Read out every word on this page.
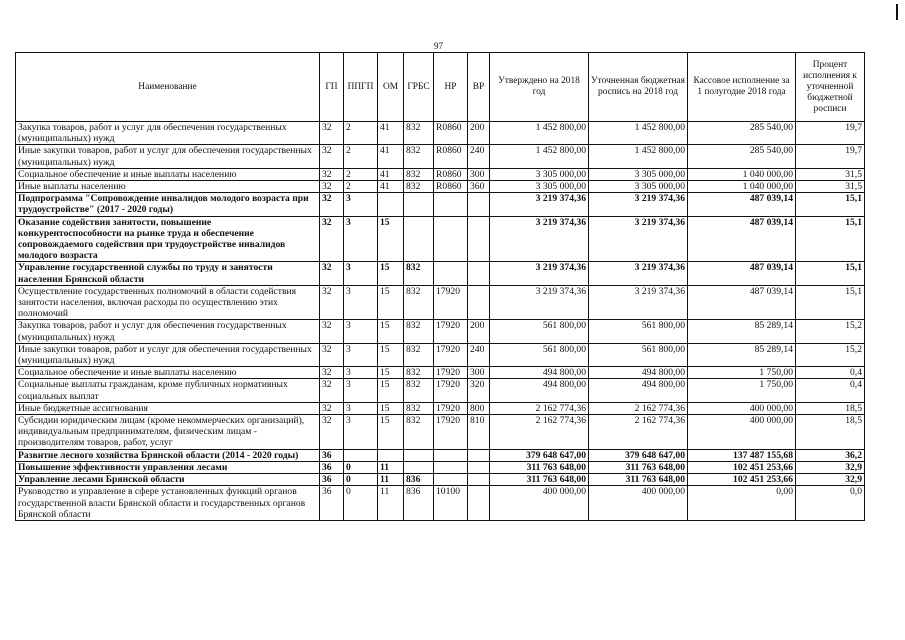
97
Наименование	ГП	ППГП	ОМ	ГРБС	НР	ВР	Утверждено на 2018 год	Уточненная бюджетная роспись на 2018 год	Кассовое исполнение за 1 полугодие 2018 года	Процент исполнения к уточненной бюджетной росписи
Закупка товаров, работ и услуг для обеспечения государственных (муниципальных) нужд	32	2	41	832	R0860	200	1 452 800,00	1 452 800,00	285 540,00	19,7
Иные закупки товаров, работ и услуг для обеспечения государственных (муниципальных) нужд	32	2	41	832	R0860	240	1 452 800,00	1 452 800,00	285 540,00	19,7
Социальное обеспечение и иные выплаты населению	32	2	41	832	R0860	300	3 305 000,00	3 305 000,00	1 040 000,00	31,5
Иные выплаты населению	32	2	41	832	R0860	360	3 305 000,00	3 305 000,00	1 040 000,00	31,5
Подпрограмма "Сопровождение инвалидов молодого возраста при трудоустройстве" (2017 - 2020 годы)	32	3					3 219 374,36	3 219 374,36	487 039,14	15,1
Оказание содействия занятости, повышение конкурентоспособности на рынке труда и обеспечение сопровождаемого содействия при трудоустройстве инвалидов молодого возраста	32	3	15				3 219 374,36	3 219 374,36	487 039,14	15,1
Управление государственной службы по труду и занятости населения Брянской области	32	3	15	832			3 219 374,36	3 219 374,36	487 039,14	15,1
Осуществление государственных полномочий в области содействия занятости населения, включая расходы по осуществлению этих полномочий	32	3	15	832	17920		3 219 374,36	3 219 374,36	487 039,14	15,1
Закупка товаров, работ и услуг для обеспечения государственных (муниципальных) нужд	32	3	15	832	17920	200	561 800,00	561 800,00	85 289,14	15,2
Иные закупки товаров, работ и услуг для обеспечения государственных (муниципальных) нужд	32	3	15	832	17920	240	561 800,00	561 800,00	85 289,14	15,2
Социальное обеспечение и иные выплаты населению	32	3	15	832	17920	300	494 800,00	494 800,00	1 750,00	0,4
Социальные выплаты гражданам, кроме публичных нормативных социальных выплат	32	3	15	832	17920	320	494 800,00	494 800,00	1 750,00	0,4
Иные бюджетные ассигнования	32	3	15	832	17920	800	2 162 774,36	2 162 774,36	400 000,00	18,5
Субсидии юридическим лицам (кроме некоммерческих организаций), индивидуальным предпринимателям, физическим лицам - производителям товаров, работ, услуг	32	3	15	832	17920	810	2 162 774,36	2 162 774,36	400 000,00	18,5
Развитие лесного хозяйства Брянской области (2014 - 2020 годы)	36						379 648 647,00	379 648 647,00	137 487 155,68	36,2
Повышение эффективности управления лесами	36	0	11				311 763 648,00	311 763 648,00	102 451 253,66	32,9
Управление лесами Брянской области	36	0	11	836			311 763 648,00	311 763 648,00	102 451 253,66	32,9
Руководство и управление в сфере установленных функций органов государственной власти Брянской области и государственных органов Брянской области	36	0	11	836	10100		400 000,00	400 000,00	0,00	0,0
